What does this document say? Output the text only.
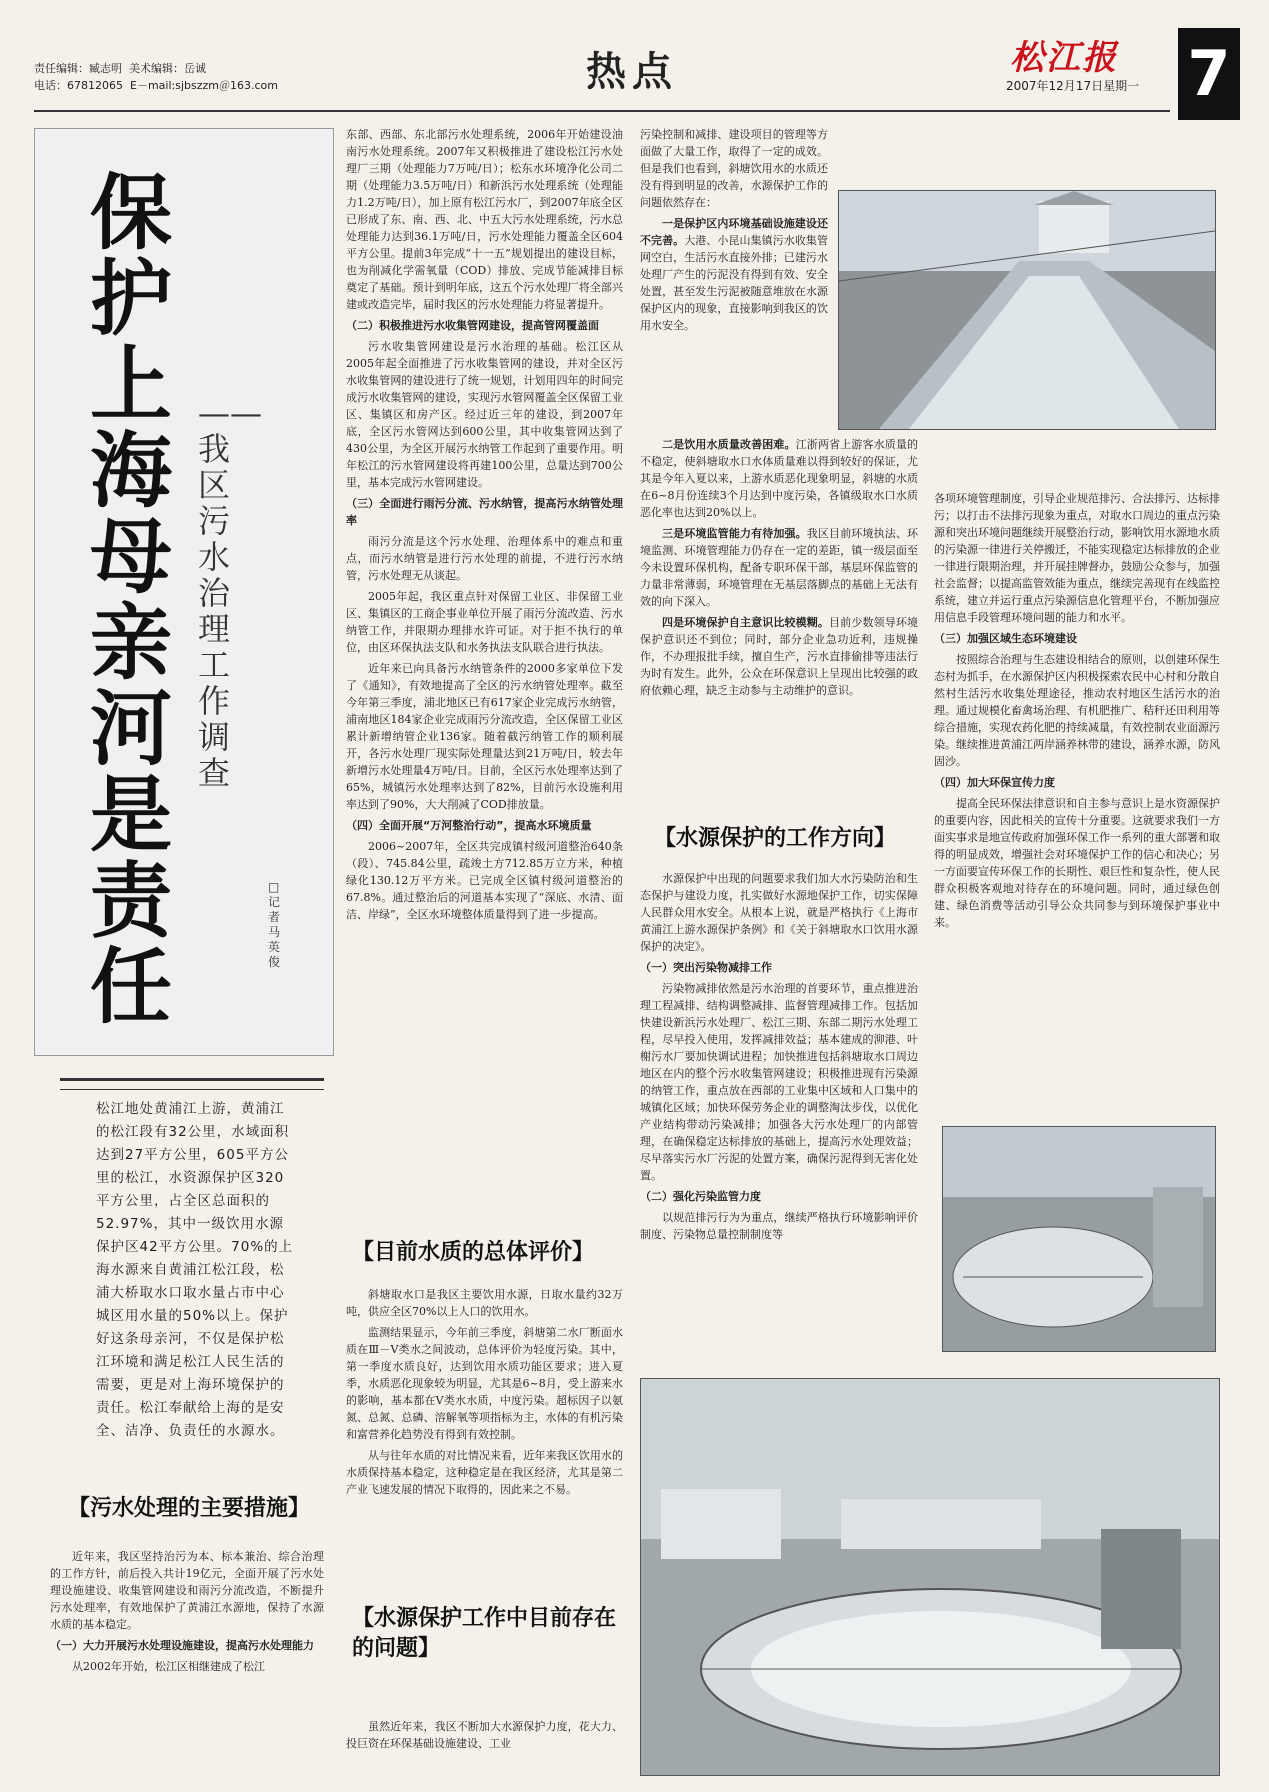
责任编辑：臧志明 美术编辑：岳诚
电话：67812065 E－mail:sjbszzm＠163.com	热点	松江报
2007年12月17日星期一 7
保护上海母亲河是责任
——我区污水治理工作调查
□记者 马英俊
松江地处黄浦江上游，黄浦江的松江段有32公里，水域面积达到27平方公里，605平方公里的松江，水资源保护区320平方公里，占全区总面积的52.97%，其中一级饮用水源保护区42平方公里。70%的上海水源来自黄浦江松江段，松浦大桥取水口取水量占市中心城区用水量的50%以上。保护好这条母亲河，不仅是保护松江环境和满足松江人民生活的需要，更是对上海环境保护的责任。松江奉献给上海的是安全、洁净、负责任的水源水。
【污水处理的主要措施】

近年来，我区坚持治污为本、标本兼治、综合治理的工作方针，前后投入共计19亿元，全面开展了污水处理设施建设、收集管网建设和雨污分流改造，不断提升污水处理率，有效地保护了黄浦江水源地，保持了水源水质的基本稳定。

（一）大力开展污水处理设施建设，提高污水处理能力

从2002年开始，松江区相继建成了松江

东部、西部、东北部污水处理系统，2006年开始建设油南污水处理系统。2007年又积极推进了建设松江污水处理厂三期（处理能力7万吨/日）；松东水环境净化公司二期（处理能力3.5万吨/日）和新浜污水处理系统（处理能力1.2万吨/日），加上原有松江污水厂，到2007年底全区已形成了东、南、西、北、中五大污水处理系统，污水总处理能力达到36.1万吨/日，污水处理能力覆盖全区604平方公里。提前3年完成“十一五”规划提出的建设目标，也为削减化学需氧量（COD）排放、完成节能减排目标奠定了基础。预计到明年底，这五个污水处理厂将全部兴建或改造完毕，届时我区的污水处理能力将显著提升。

（二）积极推进污水收集管网建设，提高管网覆盖面

污水收集管网建设是污水治理的基础。松江区从2005年起全面推进了污水收集管网的建设，并对全区污水收集管网的建设进行了统一规划，计划用四年的时间完成污水收集管网的建设，实现污水管网覆盖全区保留工业区、集镇区和房产区。经过近三年的建设，到2007年底，全区污水管网达到600公里，其中收集管网达到了430公里，为全区开展污水纳管工作起到了重要作用。明年松江的污水管网建设将再建100公里，总量达到700公里，基本完成污水管网建设。

（三）全面进行雨污分流、污水纳管，提高污水纳管处理率

雨污分流是这个污水处理、治理体系中的难点和重点，而污水纳管是进行污水处理的前提，不进行污水纳管，污水处理无从谈起。

2005年起，我区重点针对保留工业区、非保留工业区、集镇区的工商企事业单位开展了雨污分流改造、污水纳管工作，并限期办理排水许可证。对于拒不执行的单位，由区环保执法支队和水务执法支队联合进行执法。

近年来已向具备污水纳管条件的2000多家单位下发了《通知》，有效地提高了全区的污水纳管处理率。截至今年第三季度，浦北地区已有617家企业完成污水纳管，浦南地区184家企业完成雨污分流改造，全区保留工业区累计新增纳管企业136家。随着截污纳管工作的顺利展开，各污水处理厂现实际处理量达到21万吨/日，较去年新增污水处理量4万吨/日。目前，全区污水处理率达到了65%，城镇污水处理率达到了82%，目前污水设施利用率达到了90%，大大削减了COD排放量。

（四）全面开展“万河整治行动”，提高水环境质量

2006~2007年，全区共完成镇村级河道整治640条（段）、745.84公里，疏竣土方712.85万立方米，种植绿化130.12万平方米。已完成全区镇村级河道整治的67.8%。通过整治后的河道基本实现了“深底、水清、面洁、岸绿”，全区水环境整体质量得到了进一步提高。

【目前水质的总体评价】

斜塘取水口是我区主要饮用水源，日取水量约32万吨，供应全区70%以上人口的饮用水。

监测结果显示，今年前三季度，斜塘第二水厂断面水质在Ⅲ－Ⅴ类水之间波动，总体评价为轻度污染。其中，第一季度水质良好，达到饮用水质功能区要求；进入夏季，水质恶化现象较为明显，尤其是6~8月，受上游来水的影响，基本都在Ⅴ类水水质，中度污染。超标因子以氨氮、总氮、总磷、溶解氧等项指标为主，水体的有机污染和富营养化趋势没有得到有效控制。

从与往年水质的对比情况来看，近年来我区饮用水的水质保持基本稳定，这种稳定是在我区经济，尤其是第二产业飞速发展的情况下取得的，因此来之不易。

【水源保护工作中目前存在的问题】

虽然近年来，我区不断加大水源保护力度，花大力、投巨资在环保基础设施建设、工业

污染控制和减排、建设项目的管理等方面做了大量工作，取得了一定的成效。但是我们也看到，斜塘饮用水的水质还没有得到明显的改善，水源保护工作的问题依然存在：

一是保护区内环境基础设施建设还不完善。大港、小昆山集镇污水收集管网空白，生活污水直接外排；已建污水处理厂产生的污泥没有得到有效、安全处置，甚至发生污泥被随意堆放在水源保护区内的现象，直接影响到我区的饮用水安全。

二是饮用水质量改善困难。江浙两省上游客水质量的不稳定，使斜塘取水口水体质量难以得到较好的保证，尤其是今年入夏以来，上游水质恶化现象明显，斜塘的水质在6~8月份连续3个月达到中度污染，各镇级取水口水质恶化率也达到20%以上。

三是环境监管能力有待加强。我区目前环境执法、环境监测、环境管理能力仍存在一定的差距，镇一级层面至今未设置环保机构，配备专职环保干部，基层环保监管的力量非常薄弱，环境管理在无基层落脚点的基础上无法有效的向下深入。

四是环境保护自主意识比较模糊。目前少数领导环境保护意识还不到位；同时，部分企业急功近利，违规操作，不办理报批手续，擅自生产，污水直排偷排等违法行为时有发生。此外，公众在环保意识上呈现出比较强的政府依赖心理，缺乏主动参与主动维护的意识。

【水源保护的工作方向】

水源保护中出现的问题要求我们加大水污染防治和生态保护与建设力度，扎实做好水源地保护工作，切实保障人民群众用水安全。从根本上说，就是严格执行《上海市黄浦江上游水源保护条例》和《关于斜塘取水口饮用水源保护的决定》。

（一）突出污染物减排工作

污染物减排依然是污水治理的首要环节，重点推进治理工程减排、结构调整减排、监督管理减排工作。包括加快建设新浜污水处理厂、松江三期、东部二期污水处理工程，尽早投入使用，发挥减排效益；基本建成的泖港、叶榭污水厂要加快调试进程；加快推进包括斜塘取水口周边地区在内的整个污水收集管网建设；积极推进现有污染源的纳管工作，重点放在西部的工业集中区域和人口集中的城镇化区域；加快环保劳务企业的调整淘汰步伐，以优化产业结构带动污染减排；加强各大污水处理厂的内部管理，在确保稳定达标排放的基础上，提高污水处理效益；尽早落实污水厂污泥的处置方案，确保污泥得到无害化处置。

（二）强化污染监管力度

以规范排污行为为重点，继续严格执行环境影响评价制度、污染物总量控制制度等

各项环境管理制度，引导企业规范排污、合法排污、达标排污；以打击不法排污现象为重点，对取水口周边的重点污染源和突出环境问题继续开展整治行动，影响饮用水源地水质的污染源一律进行关停搬迁，不能实现稳定达标排放的企业一律进行限期治理，并开展挂牌督办，鼓励公众参与，加强社会监督；以提高监管效能为重点，继续完善现有在线监控系统，建立并运行重点污染源信息化管理平台，不断加强应用信息手段管理环境问题的能力和水平。

（三）加强区域生态环境建设

按照综合治理与生态建设相结合的原则，以创建环保生态村为抓手，在水源保护区内积极探索农民中心村和分散自然村生活污水收集处理途径，推动农村地区生活污水的治理。通过规模化畜禽场治理、有机肥推广、秸秆还田利用等综合措施，实现农药化肥的持续减量，有效控制农业面源污染。继续推进黄浦江两岸涵养林带的建设，涵养水源，防风固沙。

（四）加大环保宣传力度

提高全民环保法律意识和自主参与意识上是水资源保护的重要内容，因此相关的宣传十分重要。这就要求我们一方面实事求是地宣传政府加强环保工作一系列的重大部署和取得的明显成效，增强社会对环境保护工作的信心和决心；另一方面要宣传环保工作的长期性、艰巨性和复杂性，使人民群众积极客观地对待存在的环境问题。同时，通过绿色创建、绿色消费等活动引导公众共同参与到环境保护事业中来。
